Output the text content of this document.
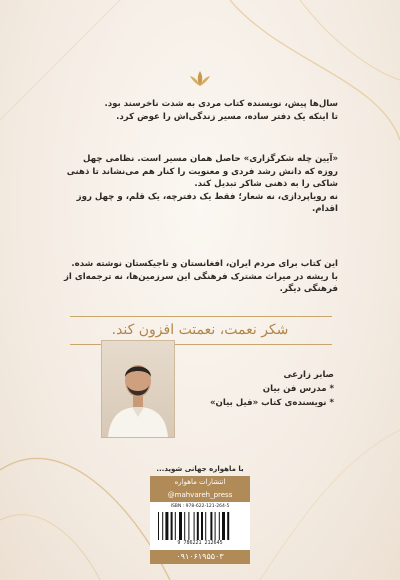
سال‌ها پیش، نویسنده کتاب مردی به شدت ناخرسند بود.

تا اینکه یک دفتر ساده، مسیر زندگی‌اش را عوض کرد.

«آیین چله شکرگزاری» حاصل همان مسیر است. نظامی چهل روزه که دانش رشد فردی و معنویت را کنار هم می‌نشاند تا ذهنی شاکی را به ذهنی شاکر تبدیل کند.

نه رویاپردازی، نه شعار؛ فقط یک دفترچه، یک قلم، و چهل روز اقدام.

این کتاب برای مردم ایران، افغانستان و تاجیکستان نوشته شده. با ریشه در میراث مشترک فرهنگی این سرزمین‌ها، نه ترجمه‌ای از فرهنگی دیگر.

شکر نعمت، نعمتت افزون کند.
صابر زارعی
* مدرس فن بیان
* نویسنده‌ی کتاب «فیل بیان»
با ماهواره جهانی شوید...
انتشارات ماهواره
@mahvareh_press
ISBN : 978-622-121-264-5
9 786221 212645
۰۹۱۰۶۱۹۵۵۰۳
